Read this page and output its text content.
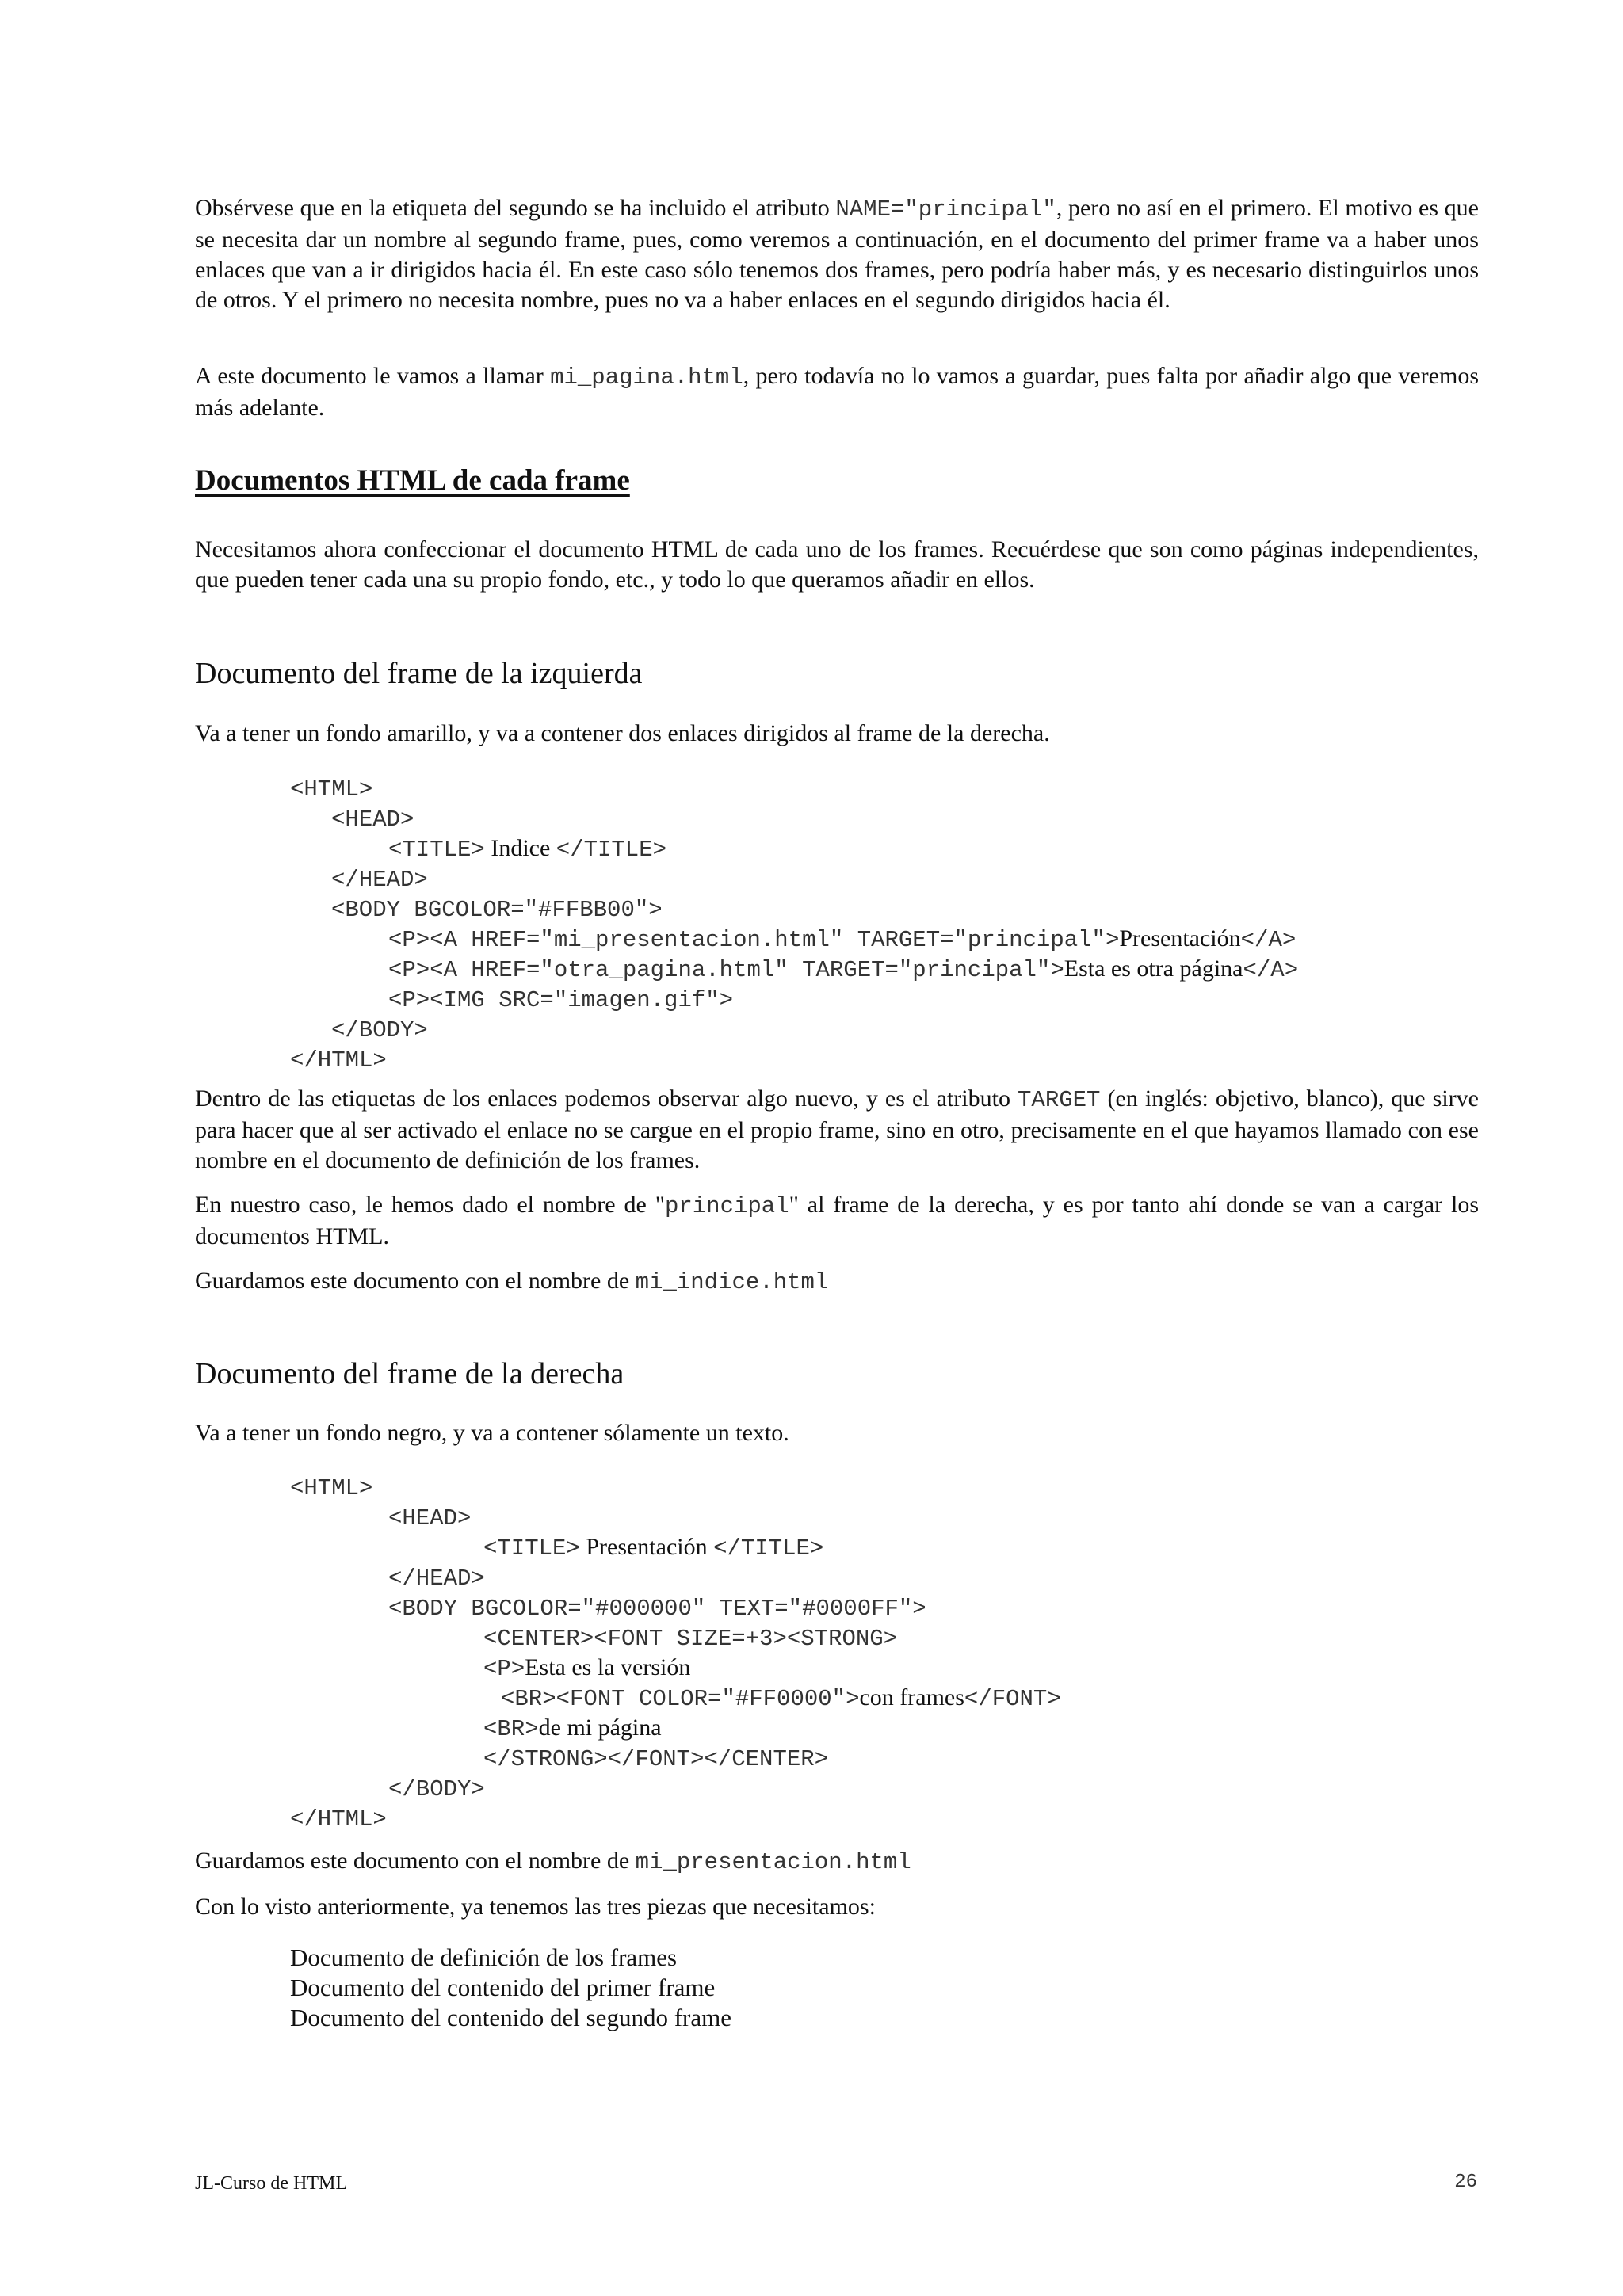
Obsérvese que en la etiqueta del segundo se ha incluido el atributo NAME="principal", pero no así en el primero. El motivo es que se necesita dar un nombre al segundo frame, pues, como veremos a continuación, en el documento del primer frame va a haber unos enlaces que van a ir dirigidos hacia él. En este caso sólo tenemos dos frames, pero podría haber más, y es necesario distinguirlos unos de otros. Y el primero no necesita nombre, pues no va a haber enlaces en el segundo dirigidos hacia él.

A este documento le vamos a llamar mi_pagina.html, pero todavía no lo vamos a guardar, pues falta por añadir algo que veremos más adelante.

Documentos HTML de cada frame

Necesitamos ahora confeccionar el documento HTML de cada uno de los frames. Recuérdese que son como páginas independientes, que pueden tener cada una su propio fondo, etc., y todo lo que queramos añadir en ellos.

Documento del frame de la izquierda

Va a tener un fondo amarillo, y va a contener dos enlaces dirigidos al frame de la derecha.

<HTML>
<HEAD>
<TITLE> Indice </TITLE>
</HEAD>
<BODY BGCOLOR="#FFBB00">
<P><A HREF="mi_presentacion.html" TARGET="principal">Presentación</A>
<P><A HREF="otra_pagina.html" TARGET="principal">Esta es otra página</A>
<P><IMG SRC="imagen.gif">
</BODY>
</HTML>

Dentro de las etiquetas de los enlaces podemos observar algo nuevo, y es el atributo TARGET (en inglés: objetivo, blanco), que sirve para hacer que al ser activado el enlace no se cargue en el propio frame, sino en otro, precisamente en el que hayamos llamado con ese nombre en el documento de definición de los frames.

En nuestro caso, le hemos dado el nombre de "principal" al frame de la derecha, y es por tanto ahí donde se van a cargar los documentos HTML.

Guardamos este documento con el nombre de mi_indice.html

Documento del frame de la derecha

Va a tener un fondo negro, y va a contener sólamente un texto.

<HTML>
<HEAD>
<TITLE> Presentación </TITLE>
</HEAD>
<BODY BGCOLOR="#000000" TEXT="#0000FF">
<CENTER><FONT SIZE=+3><STRONG>
<P>Esta es la versión
<BR><FONT COLOR="#FF0000">con frames</FONT>
<BR>de mi página
</STRONG></FONT></CENTER>
</BODY>
</HTML>

Guardamos este documento con el nombre de mi_presentacion.html

Con lo visto anteriormente, ya tenemos las tres piezas que necesitamos:

Documento de definición de los frames
Documento del contenido del primer frame
Documento del contenido del segundo frame
JL-Curso de HTML	26
